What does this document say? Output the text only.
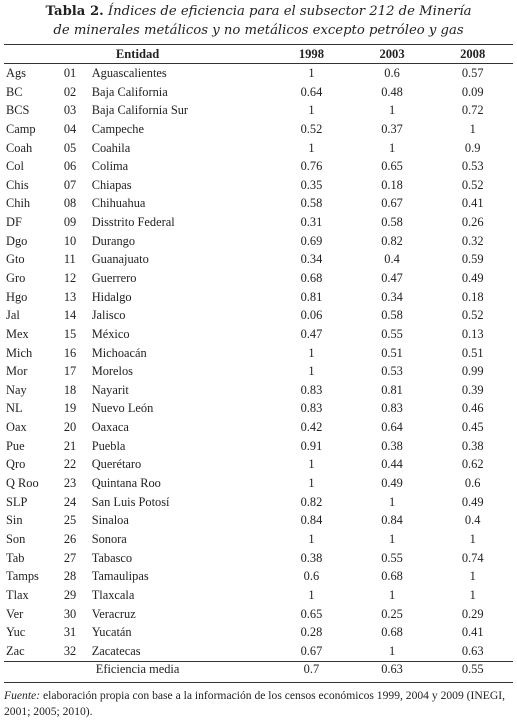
Tabla 2. Índices de eficiencia para el subsector 212 de Minería
de minerales metálicos y no metálicos excepto petróleo y gas
Entidad			1998	2003	2008
Ags	01	Aguascalientes	1	0.6	0.57
BC	02	Baja California	0.64	0.48	0.09
BCS	03	Baja California Sur	1	1	0.72
Camp	04	Campeche	0.52	0.37	1
Coah	05	Coahila	1	1	0.9
Col	06	Colima	0.76	0.65	0.53
Chis	07	Chiapas	0.35	0.18	0.52
Chih	08	Chihuahua	0.58	0.67	0.41
DF	09	Disstrito Federal	0.31	0.58	0.26
Dgo	10	Durango	0.69	0.82	0.32
Gto	11	Guanajuato	0.34	0.4	0.59
Gro	12	Guerrero	0.68	0.47	0.49
Hgo	13	Hidalgo	0.81	0.34	0.18
Jal	14	Jalisco	0.06	0.58	0.52
Mex	15	México	0.47	0.55	0.13
Mich	16	Michoacán	1	0.51	0.51
Mor	17	Morelos	1	0.53	0.99
Nay	18	Nayarit	0.83	0.81	0.39
NL	19	Nuevo León	0.83	0.83	0.46
Oax	20	Oaxaca	0.42	0.64	0.45
Pue	21	Puebla	0.91	0.38	0.38
Qro	22	Querétaro	1	0.44	0.62
Q Roo	23	Quintana Roo	1	0.49	0.6
SLP	24	San Luis Potosí	0.82	1	0.49
Sin	25	Sinaloa	0.84	0.84	0.4
Son	26	Sonora	1	1	1
Tab	27	Tabasco	0.38	0.55	0.74
Tamps	28	Tamaulipas	0.6	0.68	1
Tlax	29	Tlaxcala	1	1	1
Ver	30	Veracruz	0.65	0.25	0.29
Yuc	31	Yucatán	0.28	0.68	0.41
Zac	32	Zacatecas	0.67	1	0.63
Eficiencia media			0.7	0.63	0.55
Fuente: elaboración propia con base a la información de los censos económicos 1999, 2004 y 2009 (INEGI, 2001; 2005; 2010).
